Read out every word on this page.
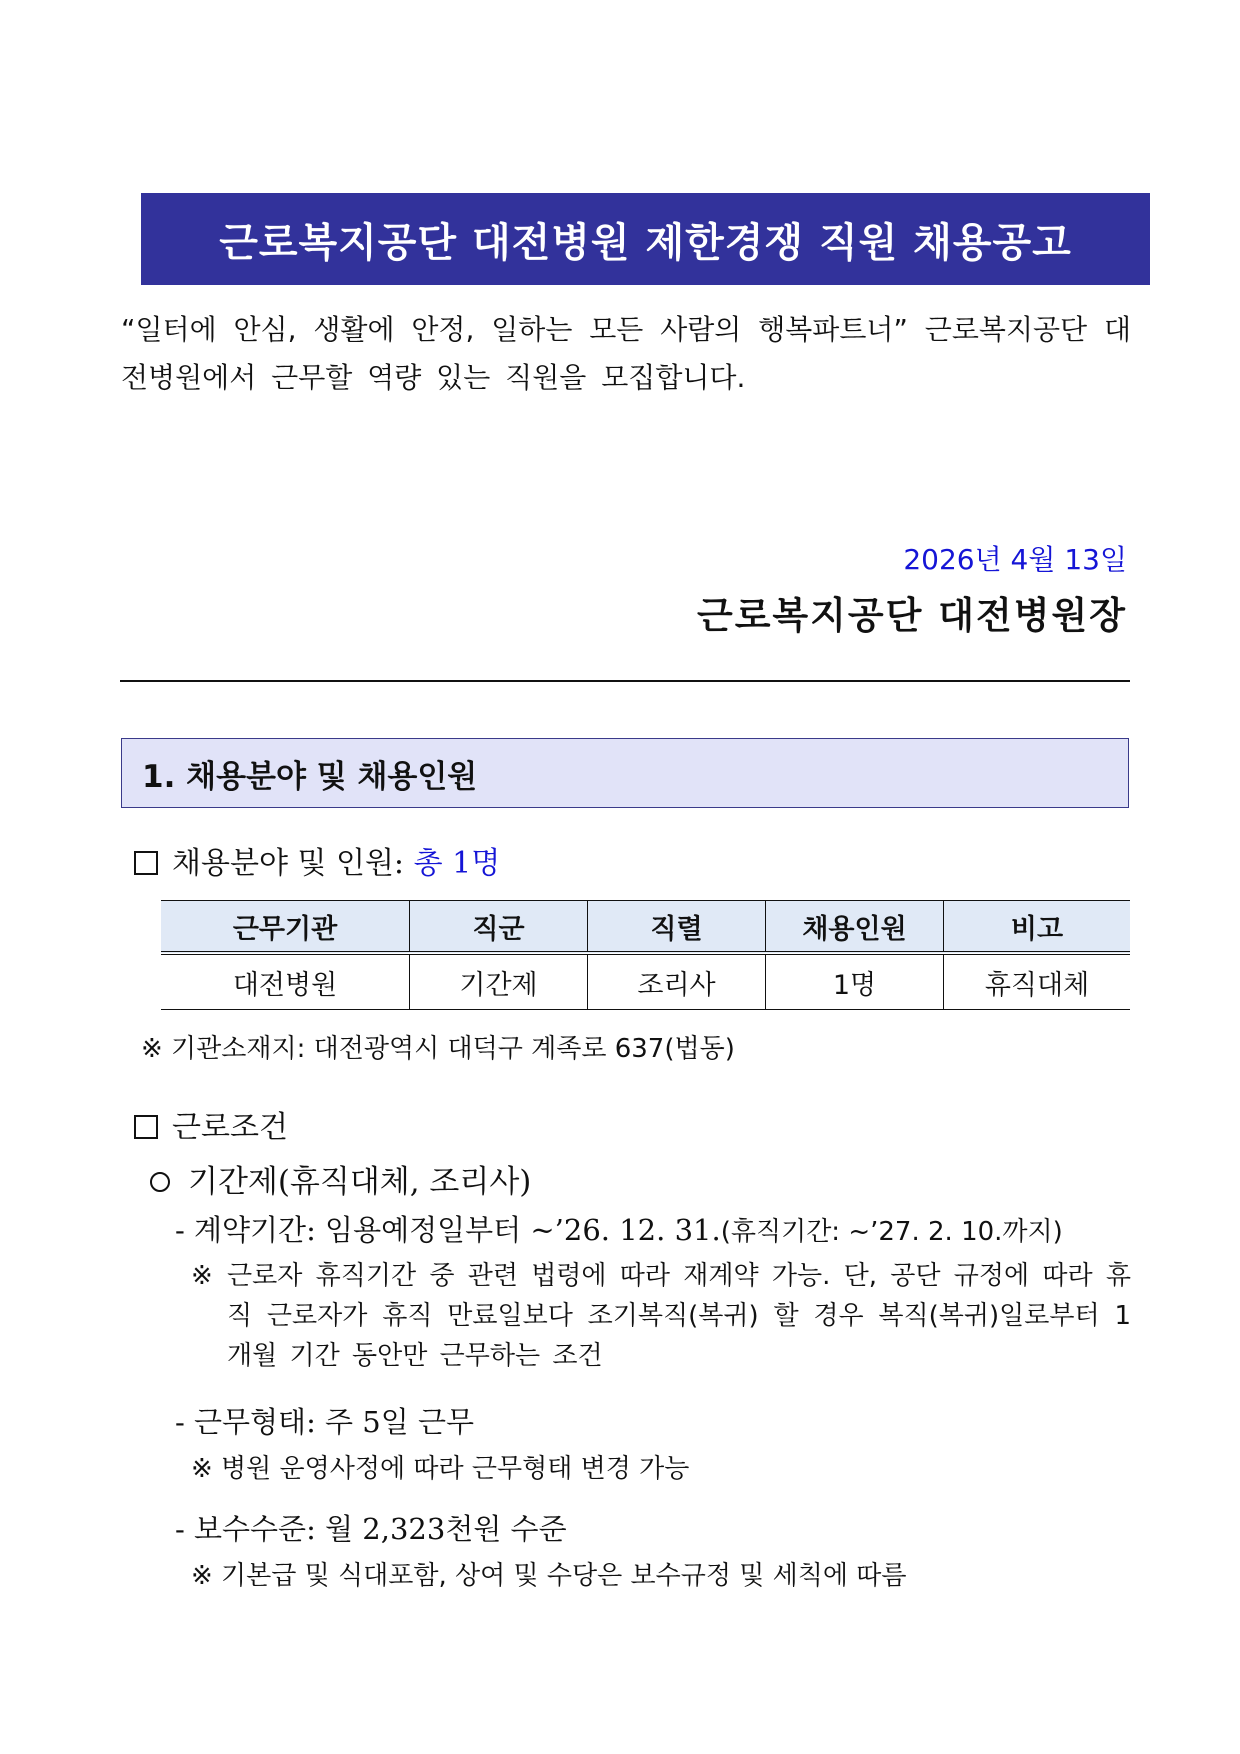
근로복지공단 대전병원 제한경쟁 직원 채용공고
“일터에 안심, 생활에 안정, 일하는 모든 사람의 행복파트너” 근로복지공단 대전병원에서 근무할 역량 있는 직원을 모집합니다.
2026년 4월 13일
근로복지공단 대전병원장
1. 채용분야 및 채용인원
채용분야 및 인원: 총 1명
근무기관	직군	직렬	채용인원	비고
대전병원	기간제	조리사	1명	휴직대체
※ 기관소재지: 대전광역시 대덕구 계족로 637(법동)
근로조건
기간제(휴직대체, 조리사)
- 계약기간: 임용예정일부터 ~’26. 12. 31.(휴직기간: ~’27. 2. 10.까지)
※ 근로자 휴직기간 중 관련 법령에 따라 재계약 가능. 단, 공단 규정에 따라 휴직 근로자가 휴직 만료일보다 조기복직(복귀) 할 경우 복직(복귀)일로부터 1개월 기간 동안만 근무하는 조건
- 근무형태: 주 5일 근무
※ 병원 운영사정에 따라 근무형태 변경 가능
- 보수수준: 월 2,323천원 수준
※ 기본급 및 식대포함, 상여 및 수당은 보수규정 및 세칙에 따름
